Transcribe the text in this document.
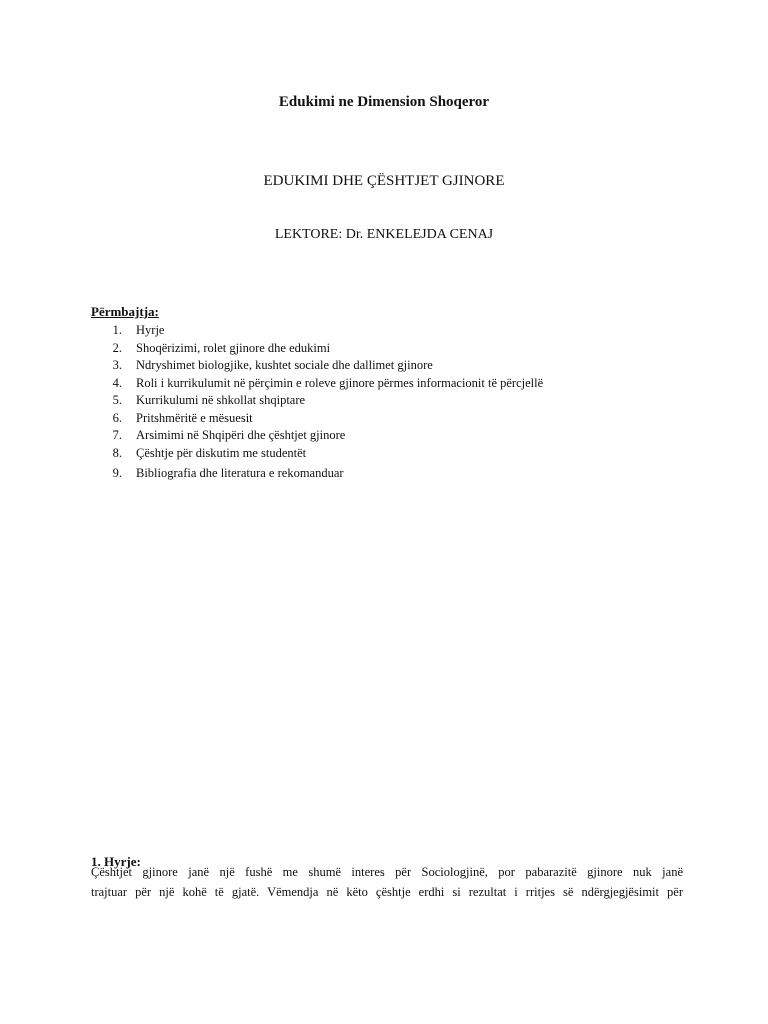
Edukimi ne Dimension Shoqeror
EDUKIMI DHE ÇËSHTJET GJINORE
LEKTORE: Dr. ENKELEJDA CENAJ
Përmbajtja:
1. Hyrje
2. Shoqërizimi, rolet gjinore dhe edukimi
3. Ndryshimet biologjike, kushtet sociale dhe dallimet gjinore
4. Roli i kurrikulumit në përçimin e roleve gjinore përmes informacionit të përcjellë
5. Kurrikulumi në shkollat shqiptare
6. Pritshmëritë e mësuesit
7. Arsimimi në Shqipëri dhe çështjet gjinore
8. Çështje për diskutim me studentët
9. Bibliografia dhe literatura e rekomanduar
1. Hyrje:
Çështjet gjinore janë një fushë me shumë interes për Sociologjinë, por pabarazitë gjinore nuk janë
trajtuar për një kohë të gjatë. Vëmendja në këto çështje erdhi si rezultat i rritjes së ndërgjegjësimit për
